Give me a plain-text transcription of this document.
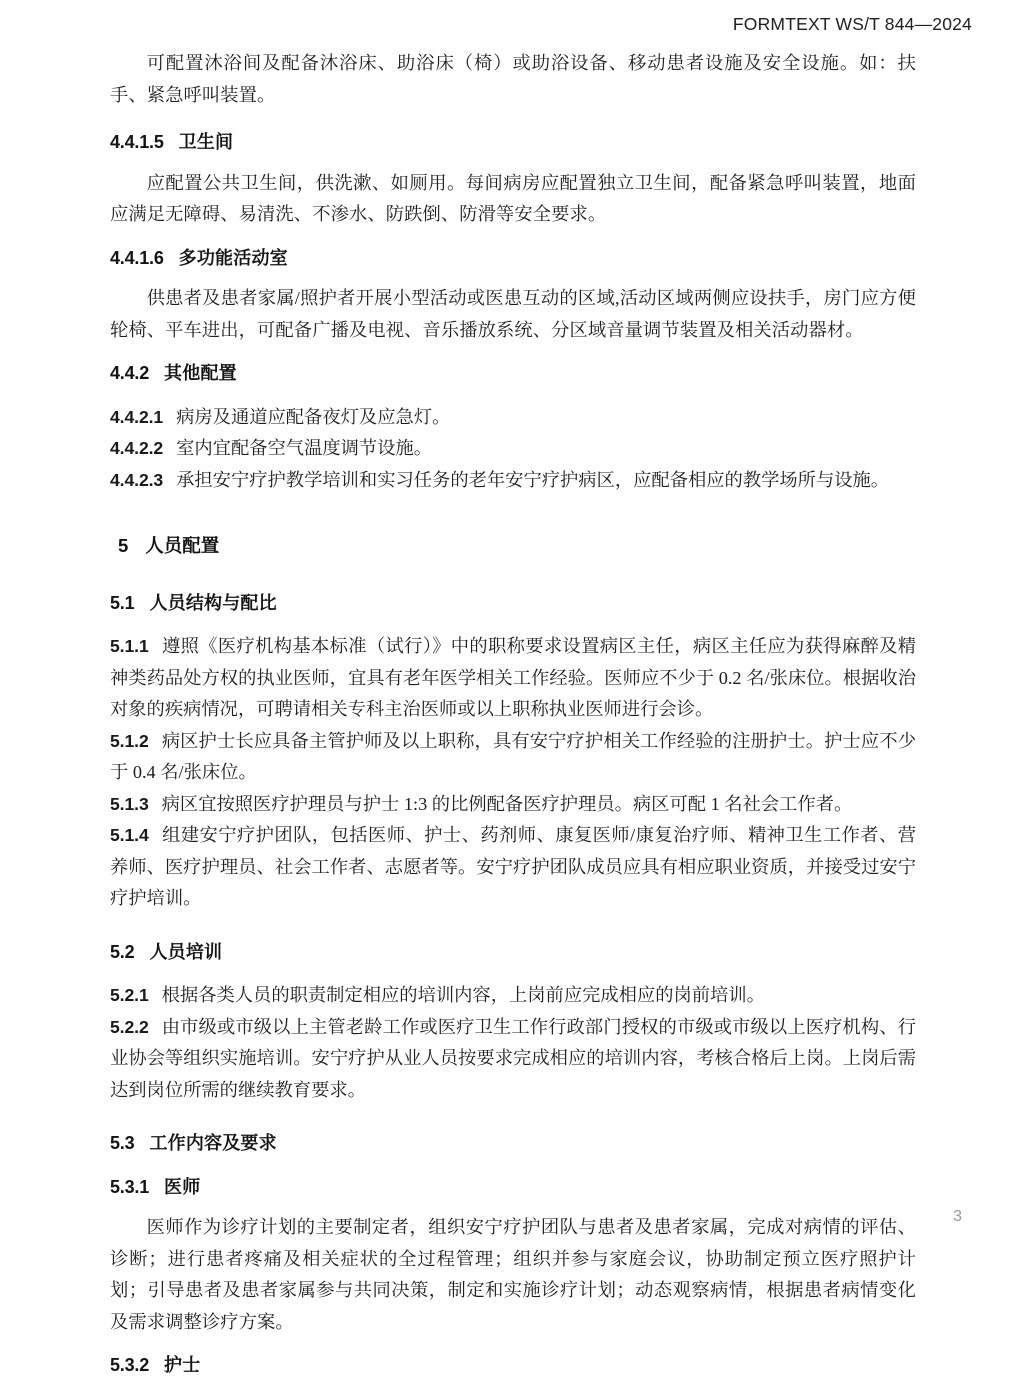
FORMTEXT WS/T 844—2024

可配置沐浴间及配备沐浴床、助浴床（椅）或助浴设备、移动患者设施及安全设施。如：扶手、紧急呼叫装置。

4.4.1.5 卫生间

应配置公共卫生间，供洗漱、如厕用。每间病房应配置独立卫生间，配备紧急呼叫装置，地面应满足无障碍、易清洗、不渗水、防跌倒、防滑等安全要求。

4.4.1.6 多功能活动室

供患者及患者家属/照护者开展小型活动或医患互动的区域,活动区域两侧应设扶手，房门应方便轮椅、平车进出，可配备广播及电视、音乐播放系统、分区域音量调节装置及相关活动器材。

4.4.2 其他配置

4.4.2.1 病房及通道应配备夜灯及应急灯。

4.4.2.2 室内宜配备空气温度调节设施。

4.4.2.3 承担安宁疗护教学培训和实习任务的老年安宁疗护病区，应配备相应的教学场所与设施。

5 人员配置
5.1 人员结构与配比

5.1.1 遵照《医疗机构基本标准（试行）》中的职称要求设置病区主任，病区主任应为获得麻醉及精神类药品处方权的执业医师，宜具有老年医学相关工作经验。医师应不少于 0.2 名/张床位。根据收治对象的疾病情况，可聘请相关专科主治医师或以上职称执业医师进行会诊。

5.1.2 病区护士长应具备主管护师及以上职称，具有安宁疗护相关工作经验的注册护士。护士应不少于 0.4 名/张床位。

5.1.3 病区宜按照医疗护理员与护士 1:3 的比例配备医疗护理员。病区可配 1 名社会工作者。

5.1.4 组建安宁疗护团队，包括医师、护士、药剂师、康复医师/康复治疗师、精神卫生工作者、营养师、医疗护理员、社会工作者、志愿者等。安宁疗护团队成员应具有相应职业资质，并接受过安宁疗护培训。

5.2 人员培训

5.2.1 根据各类人员的职责制定相应的培训内容，上岗前应完成相应的岗前培训。

5.2.2 由市级或市级以上主管老龄工作或医疗卫生工作行政部门授权的市级或市级以上医疗机构、行业协会等组织实施培训。安宁疗护从业人员按要求完成相应的培训内容，考核合格后上岗。上岗后需达到岗位所需的继续教育要求。

5.3 工作内容及要求
5.3.1 医师

医师作为诊疗计划的主要制定者，组织安宁疗护团队与患者及患者家属，完成对病情的评估、诊断；进行患者疼痛及相关症状的全过程管理；组织并参与家庭会议，协助制定预立医疗照护计划；引导患者及患者家属参与共同决策，制定和实施诊疗计划；动态观察病情，根据患者病情变化及需求调整诊疗方案。

5.3.2 护士
3
